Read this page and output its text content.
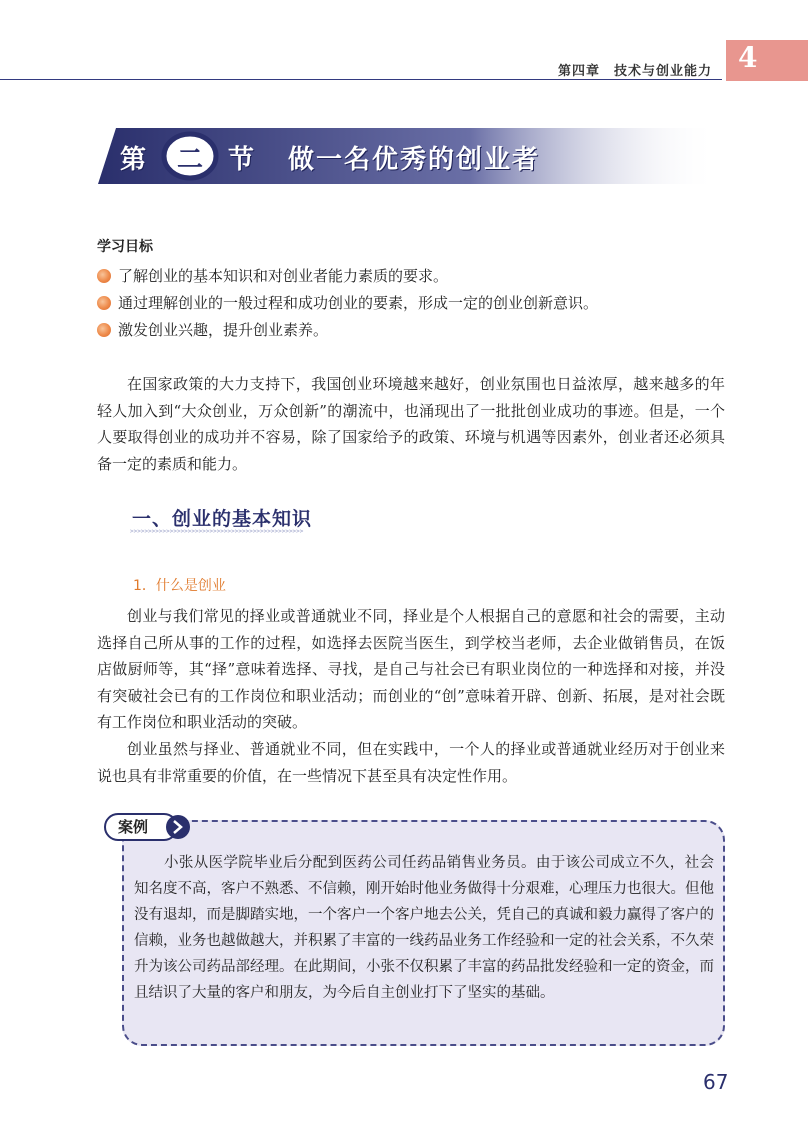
第四章　技术与创业能力 4
第 二 节 做一名优秀的创业者
学习目标
了解创业的基本知识和对创业者能力素质的要求。
通过理解创业的一般过程和成功创业的要素，形成一定的创业创新意识。
激发创业兴趣，提升创业素养。

在国家政策的大力支持下，我国创业环境越来越好，创业氛围也日益浓厚，越来越多的年轻人加入到“大众创业，万众创新”的潮流中，也涌现出了一批批创业成功的事迹。但是，一个人要取得创业的成功并不容易，除了国家给予的政策、环境与机遇等因素外，创业者还必须具备一定的素质和能力。

一、创业的基本知识
>>>>>>>>>>>>>>>>>>>>>>>>>>>>>>>>>>>>>>>>>>>>>>>>
1．什么是创业

创业与我们常见的择业或普通就业不同，择业是个人根据自己的意愿和社会的需要，主动选择自己所从事的工作的过程，如选择去医院当医生，到学校当老师，去企业做销售员，在饭店做厨师等，其“择”意味着选择、寻找，是自己与社会已有职业岗位的一种选择和对接，并没有突破社会已有的工作岗位和职业活动；而创业的“创”意味着开辟、创新、拓展，是对社会既有工作岗位和职业活动的突破。

创业虽然与择业、普通就业不同，但在实践中，一个人的择业或普通就业经历对于创业来说也具有非常重要的价值，在一些情况下甚至具有决定性作用。

案例

小张从医学院毕业后分配到医药公司任药品销售业务员。由于该公司成立不久，社会知名度不高，客户不熟悉、不信赖，刚开始时他业务做得十分艰难，心理压力也很大。但他没有退却，而是脚踏实地，一个客户一个客户地去公关，凭自己的真诚和毅力赢得了客户的信赖，业务也越做越大，并积累了丰富的一线药品业务工作经验和一定的社会关系，不久荣升为该公司药品部经理。在此期间，小张不仅积累了丰富的药品批发经验和一定的资金，而且结识了大量的客户和朋友，为今后自主创业打下了坚实的基础。

67
